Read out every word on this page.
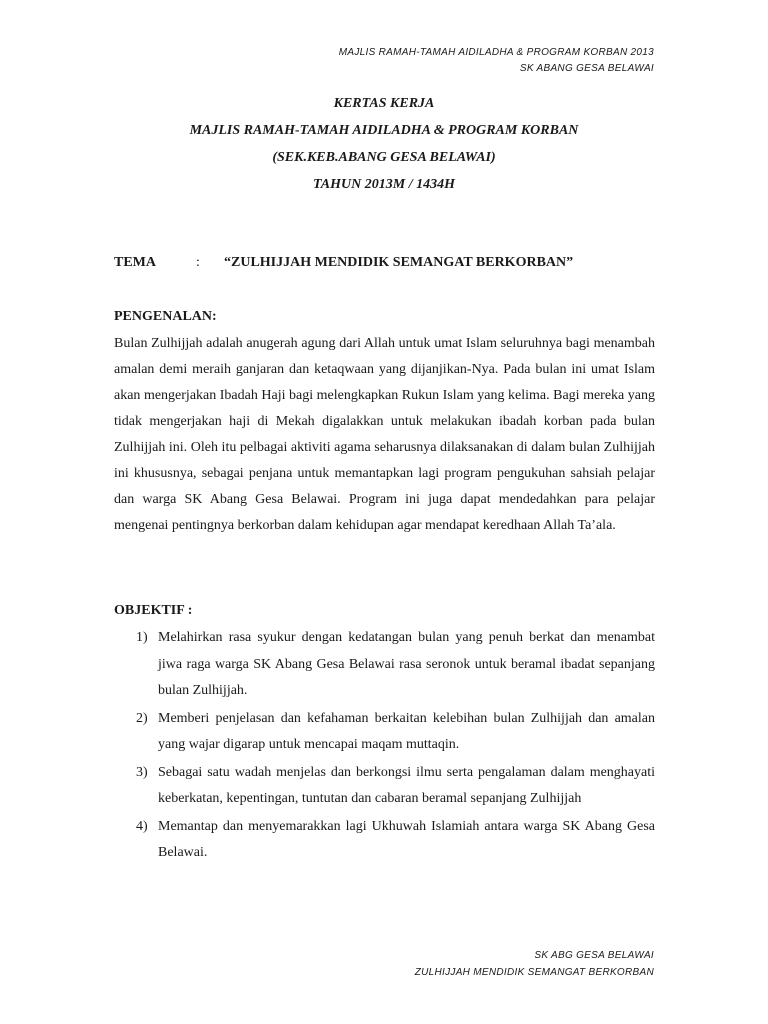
MAJLIS RAMAH-TAMAH AIDILADHA & PROGRAM KORBAN 2013
SK ABANG GESA BELAWAI
KERTAS KERJA
MAJLIS RAMAH-TAMAH AIDILADHA & PROGRAM KORBAN
(SEK.KEB.ABANG GESA BELAWAI)
TAHUN 2013M / 1434H
TEMA	: “ZULHIJJAH MENDIDIK SEMANGAT BERKORBAN”
PENGENALAN:

Bulan Zulhijjah adalah anugerah agung dari Allah untuk umat Islam seluruhnya bagi menambah amalan demi meraih ganjaran dan ketaqwaan yang dijanjikan-Nya. Pada bulan ini umat Islam akan mengerjakan Ibadah Haji bagi melengkapkan Rukun Islam yang kelima. Bagi mereka yang tidak mengerjakan haji di Mekah digalakkan untuk melakukan ibadah korban pada bulan Zulhijjah ini. Oleh itu pelbagai aktiviti agama seharusnya dilaksanakan di dalam bulan Zulhijjah ini khususnya, sebagai penjana untuk memantapkan lagi program pengukuhan sahsiah pelajar dan warga SK Abang Gesa Belawai. Program ini juga dapat mendedahkan para pelajar mengenai pentingnya berkorban dalam kehidupan agar mendapat keredhaan Allah Ta’ala.

OBJEKTIF :
1) Melahirkan rasa syukur dengan kedatangan bulan yang penuh berkat dan menambat jiwa raga warga SK Abang Gesa Belawai rasa seronok untuk beramal ibadat sepanjang bulan Zulhijjah.
2) Memberi penjelasan dan kefahaman berkaitan kelebihan bulan Zulhijjah dan amalan yang wajar digarap untuk mencapai maqam muttaqin.
3) Sebagai satu wadah menjelas dan berkongsi ilmu serta pengalaman dalam menghayati keberkatan, kepentingan, tuntutan dan cabaran beramal sepanjang Zulhijjah
4) Memantap dan menyemarakkan lagi Ukhuwah Islamiah antara warga SK Abang Gesa Belawai.
SK ABG GESA BELAWAI
ZULHIJJAH MENDIDIK SEMANGAT BERKORBAN
